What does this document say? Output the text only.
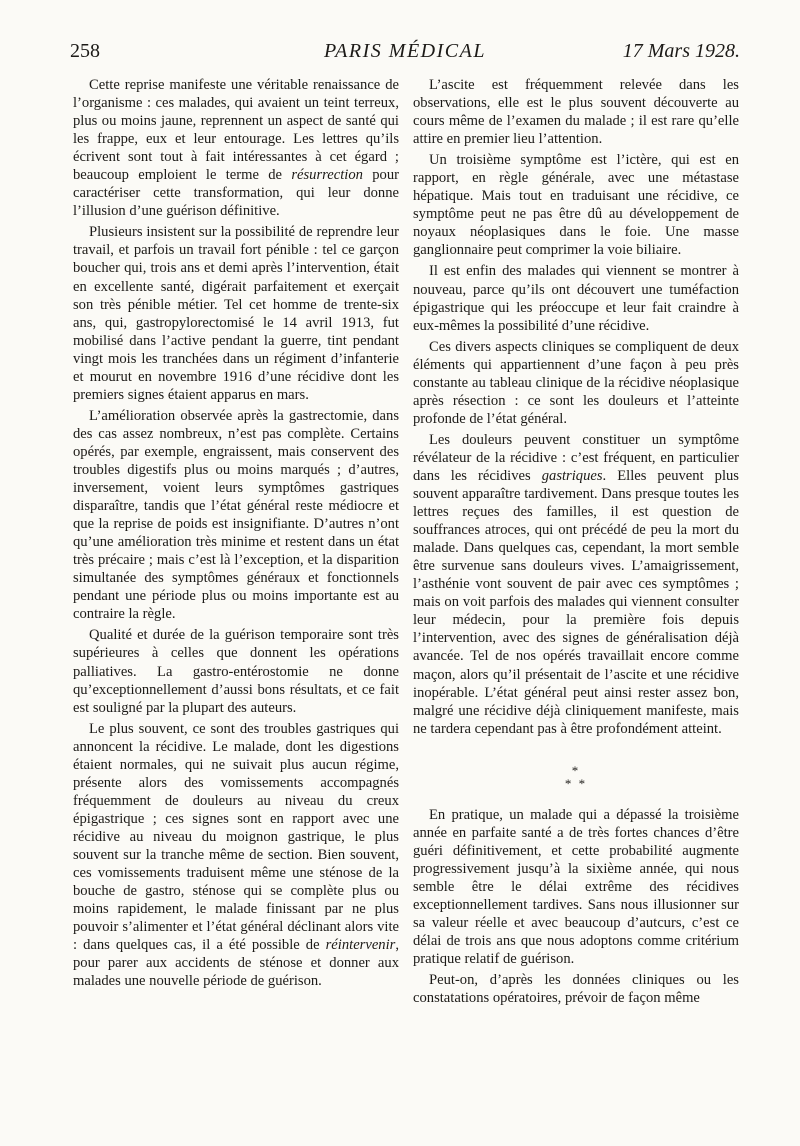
258	PARIS MÉDICAL	17 Mars 1928.

Cette reprise manifeste une véritable renaissance de l’organisme : ces malades, qui avaient un teint terreux, plus ou moins jaune, reprennent un aspect de santé qui les frappe, eux et leur entourage. Les lettres qu’ils écrivent sont tout à fait intéressantes à cet égard ; beaucoup emploient le terme de résurrection pour caractériser cette transformation, qui leur donne l’illusion d’une guérison définitive.

Plusieurs insistent sur la possibilité de reprendre leur travail, et parfois un travail fort pénible : tel ce garçon boucher qui, trois ans et demi après l’intervention, était en excellente santé, digérait parfaitement et exerçait son très pénible métier. Tel cet homme de trente-six ans, qui, gastropylorectomisé le 14 avril 1913, fut mobilisé dans l’active pendant la guerre, tint pendant vingt mois les tranchées dans un régiment d’infanterie et mourut en novembre 1916 d’une récidive dont les premiers signes étaient apparus en mars.

L’amélioration observée après la gastrectomie, dans des cas assez nombreux, n’est pas complète. Certains opérés, par exemple, engraissent, mais conservent des troubles digestifs plus ou moins marqués ; d’autres, inversement, voient leurs symptômes gastriques disparaître, tandis que l’état général reste médiocre et que la reprise de poids est insignifiante. D’autres n’ont qu’une amélioration très minime et restent dans un état très précaire ; mais c’est là l’exception, et la disparition simultanée des symptômes généraux et fonctionnels pendant une période plus ou moins importante est au contraire la règle.

Qualité et durée de la guérison temporaire sont très supérieures à celles que donnent les opérations palliatives. La gastro-entérostomie ne donne qu’exceptionnellement d’aussi bons résultats, et ce fait est souligné par la plupart des auteurs.

Le plus souvent, ce sont des troubles gastriques qui annoncent la récidive. Le malade, dont les digestions étaient normales, qui ne suivait plus aucun régime, présente alors des vomissements accompagnés fréquemment de douleurs au niveau du creux épigastrique ; ces signes sont en rapport avec une récidive au niveau du moignon gastrique, le plus souvent sur la tranche même de section. Bien souvent, ces vomissements traduisent même une sténose de la bouche de gastro, sténose qui se complète plus ou moins rapidement, le malade finissant par ne plus pouvoir s’alimenter et l’état général déclinant alors vite : dans quelques cas, il a été possible de réintervenir, pour parer aux accidents de sténose et donner aux malades une nouvelle période de guérison.

L’ascite est fréquemment relevée dans les observations, elle est le plus souvent découverte au cours même de l’examen du malade ; il est rare qu’elle attire en premier lieu l’attention.

Un troisième symptôme est l’ictère, qui est en rapport, en règle générale, avec une métastase hépatique. Mais tout en traduisant une récidive, ce symptôme peut ne pas être dû au développement de noyaux néoplasiques dans le foie. Une masse ganglionnaire peut comprimer la voie biliaire.

Il est enfin des malades qui viennent se montrer à nouveau, parce qu’ils ont découvert une tuméfaction épigastrique qui les préoccupe et leur fait craindre à eux-mêmes la possibilité d’une récidive.

Ces divers aspects cliniques se compliquent de deux éléments qui appartiennent d’une façon à peu près constante au tableau clinique de la récidive néoplasique après résection : ce sont les douleurs et l’atteinte profonde de l’état général.

Les douleurs peuvent constituer un symptôme révélateur de la récidive : c’est fréquent, en particulier dans les récidives gastriques. Elles peuvent plus souvent apparaître tardivement. Dans presque toutes les lettres reçues des familles, il est question de souffrances atroces, qui ont précédé de peu la mort du malade. Dans quelques cas, cependant, la mort semble être survenue sans douleurs vives. L’amaigrissement, l’asthénie vont souvent de pair avec ces symptômes ; mais on voit parfois des malades qui viennent consulter leur médecin, pour la première fois depuis l’intervention, avec des signes de généralisation déjà avancée. Tel de nos opérés travaillait encore comme maçon, alors qu’il présentait de l’ascite et une récidive inopérable. L’état général peut ainsi rester assez bon, malgré une récidive déjà cliniquement manifeste, mais ne tardera cependant pas à être profondément atteint.

*
* *

En pratique, un malade qui a dépassé la troisième année en parfaite santé a de très fortes chances d’être guéri définitivement, et cette probabilité augmente progressivement jusqu’à la sixième année, qui nous semble être le délai extrême des récidives exceptionnellement tardives. Sans nous illusionner sur sa valeur réelle et avec beaucoup d’autcurs, c’est ce délai de trois ans que nous adoptons comme critérium pratique relatif de guérison.

Peut-on, d’après les données cliniques ou les constatations opératoires, prévoir de façon même
